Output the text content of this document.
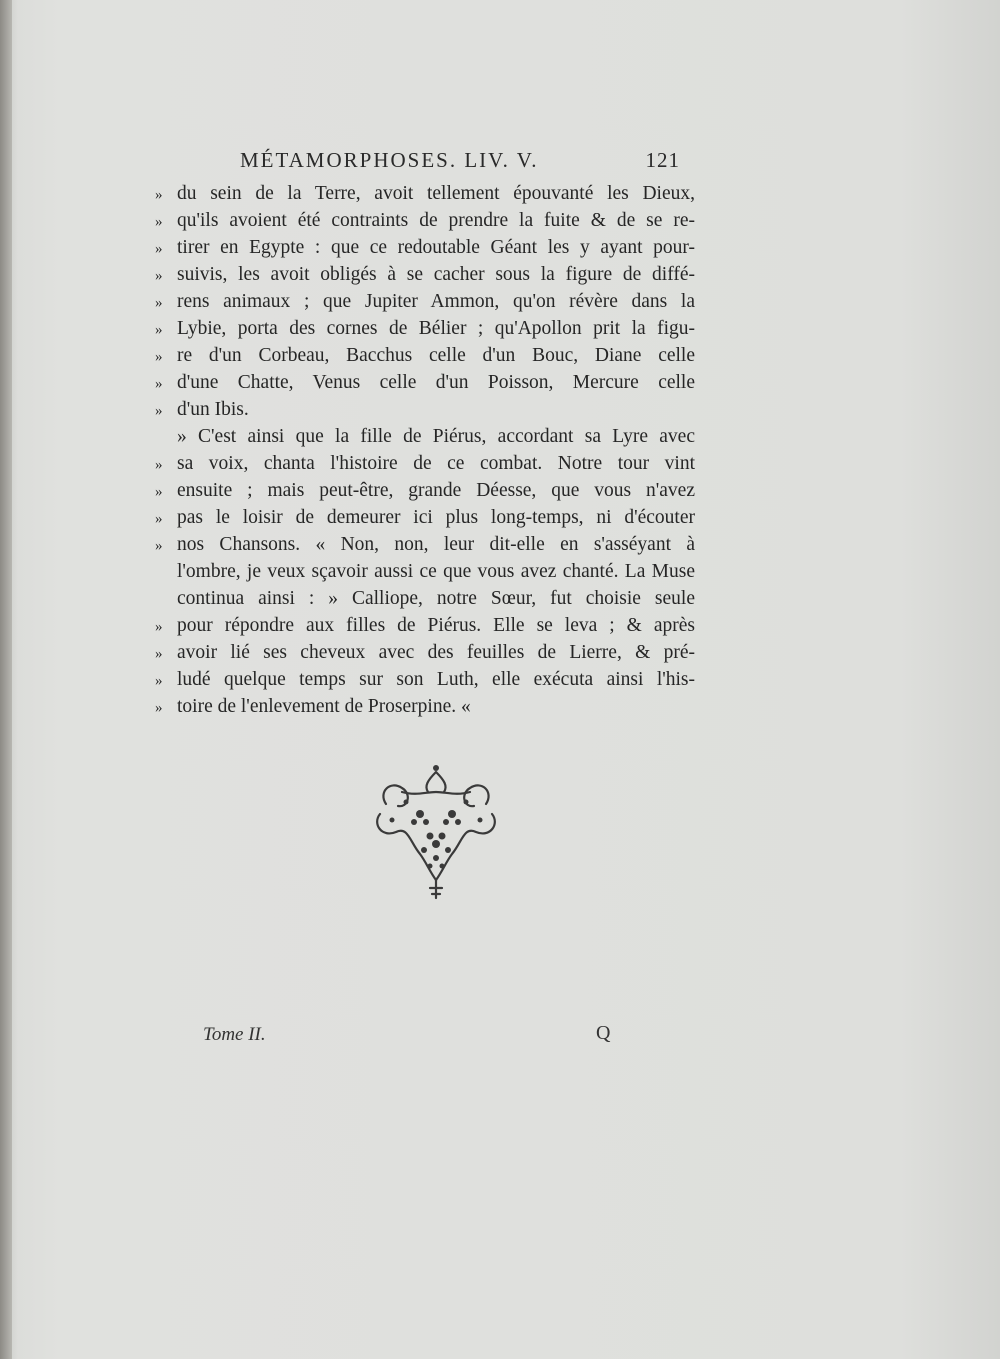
MÉTAMORPHOSES. LIV. V.	121
» du sein de la Terre, avoit tellement épouvanté les Dieux,
» qu'ils avoient été contraints de prendre la fuite & de se re-
» tirer en Egypte : que ce redoutable Géant les y ayant pour-
» suivis, les avoit obligés à se cacher sous la figure de diffé-
» rens animaux ; que Jupiter Ammon, qu'on révère dans la
» Lybie, porta des cornes de Bélier ; qu'Apollon prit la figu-
» re d'un Corbeau, Bacchus celle d'un Bouc, Diane celle
» d'une Chatte, Venus celle d'un Poisson, Mercure celle
» d'un Ibis.
» C'est ainsi que la fille de Piérus, accordant sa Lyre avec
» sa voix, chanta l'histoire de ce combat. Notre tour vint
» ensuite ; mais peut-être, grande Déesse, que vous n'avez
» pas le loisir de demeurer ici plus long-temps, ni d'écouter
» nos Chansons. « Non, non, leur dit-elle en s'asséyant à
l'ombre, je veux sçavoir aussi ce que vous avez chanté. La Muse
continua ainsi : » Calliope, notre Sœur, fut choisie seule
» pour répondre aux filles de Piérus. Elle se leva ; & après
» avoir lié ses cheveux avec des feuilles de Lierre, & pré-
» ludé quelque temps sur son Luth, elle exécuta ainsi l'his-
» toire de l'enlevement de Proserpine. «
Tome II.	Q
